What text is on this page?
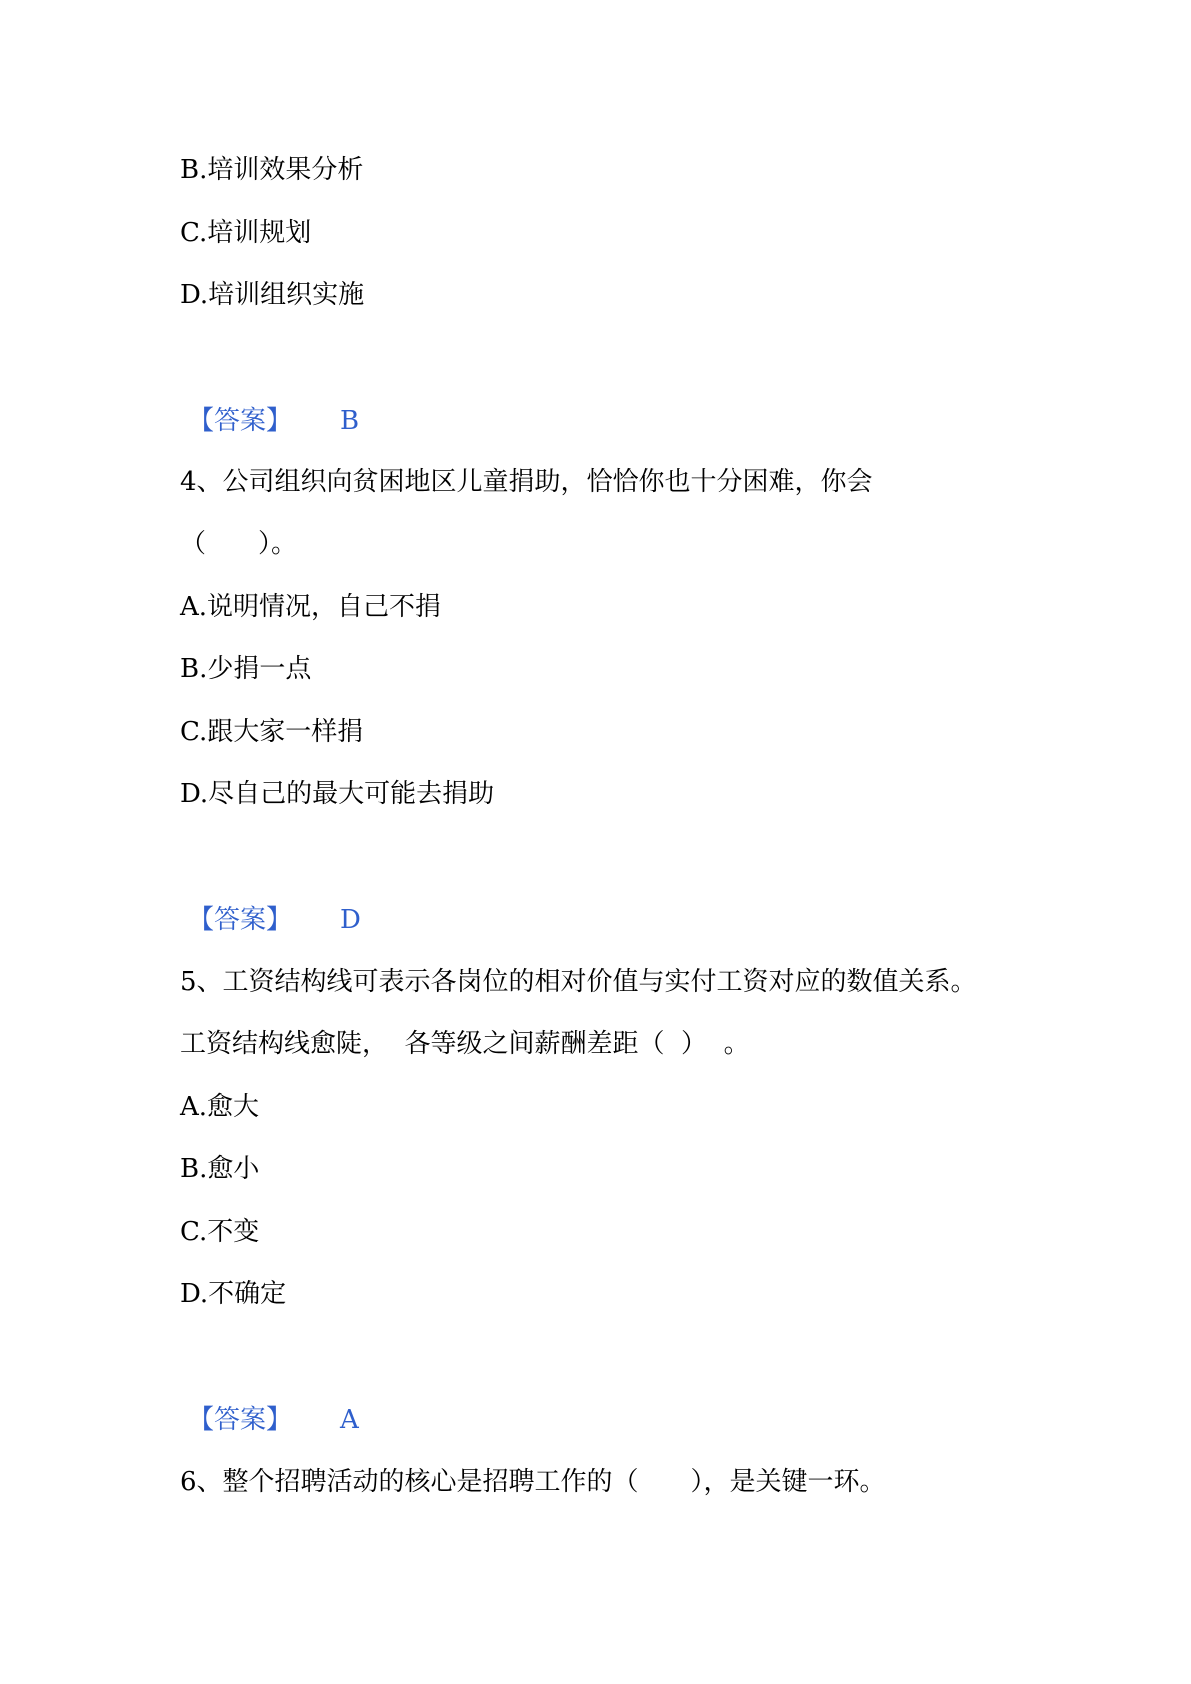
B.培训效果分析
C.培训规划
D.培训组织实施
【答案】 B
4、公司组织向贫困地区儿童捐助，恰恰你也十分困难，你会
（　　）。
A.说明情况，自己不捐
B.少捐一点
C.跟大家一样捐
D.尽自己的最大可能去捐助
【答案】 D
5、工资结构线可表示各岗位的相对价值与实付工资对应的数值关系。
工资结构线愈陡，  各等级之间薪酬差距（  ）  。
A.愈大
B.愈小
C.不变
D.不确定
【答案】 A
6、整个招聘活动的核心是招聘工作的（　　），是关键一环。
